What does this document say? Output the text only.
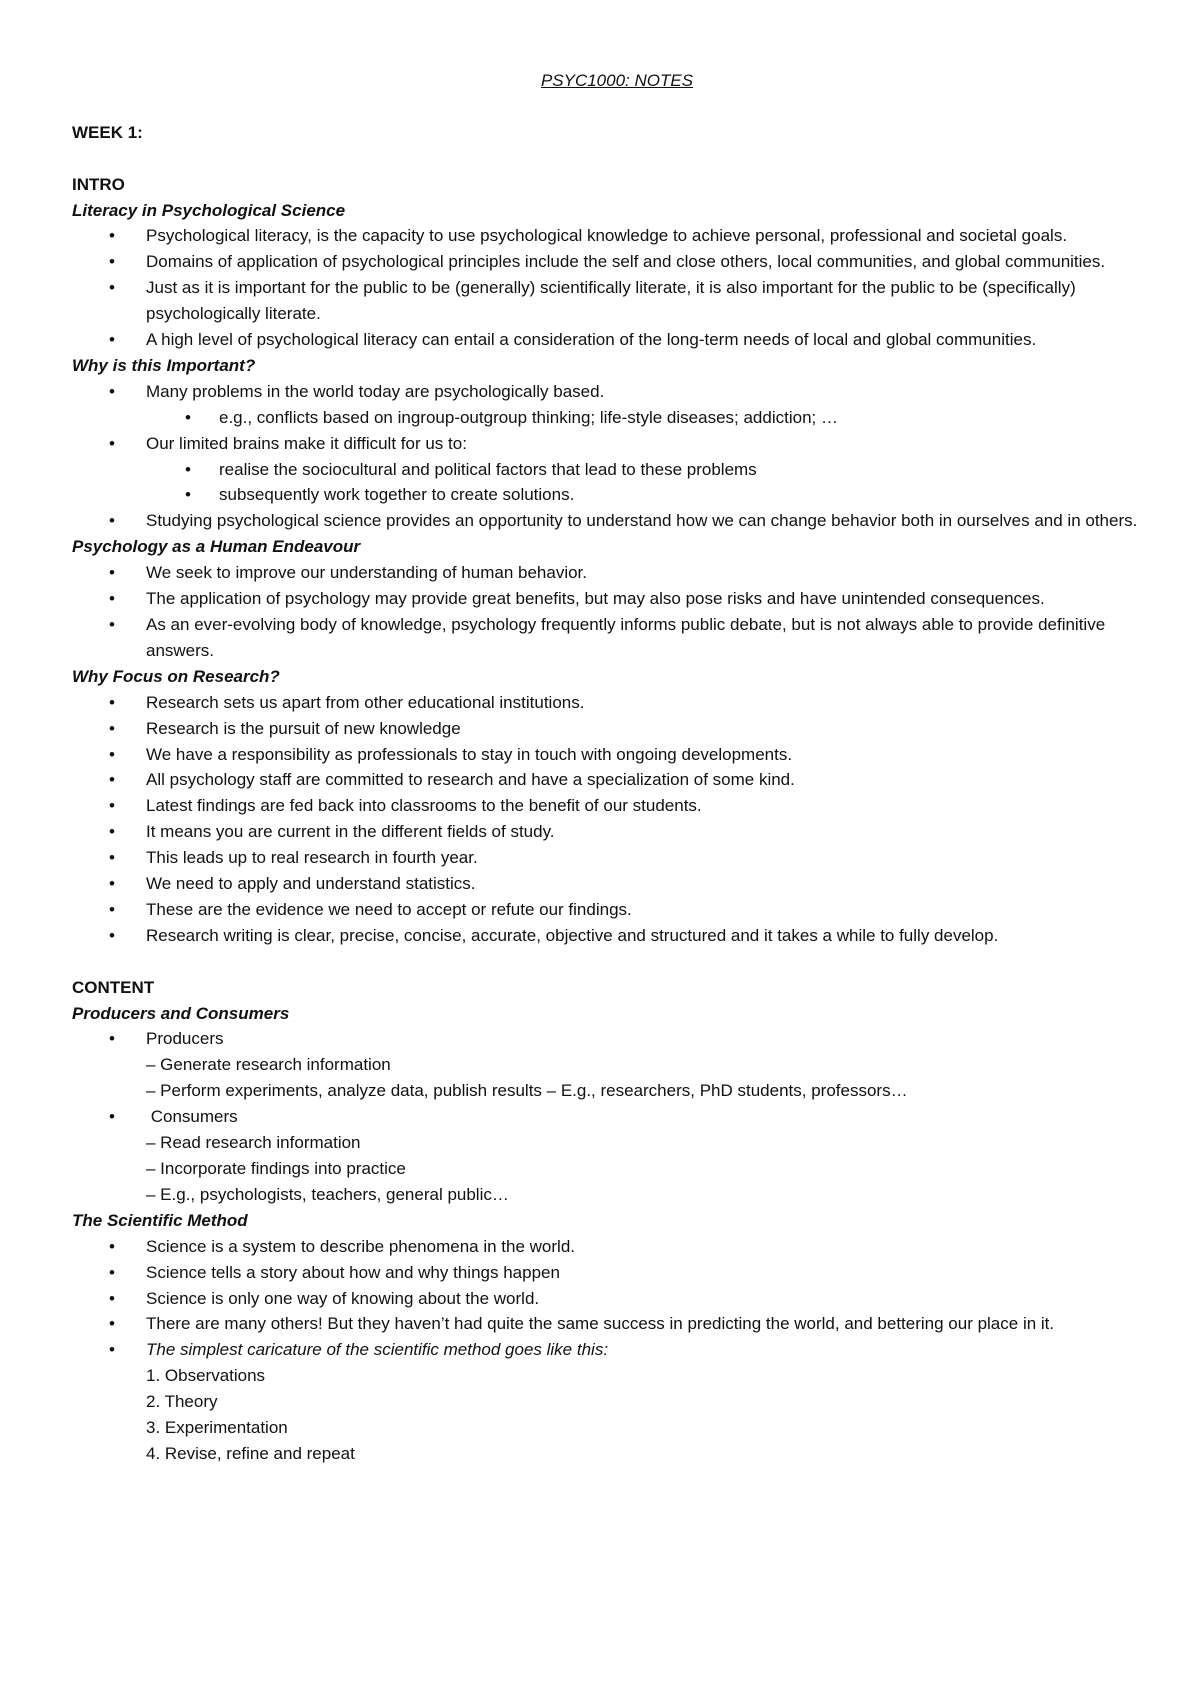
PSYC1000: NOTES
WEEK 1:
INTRO
Literacy in Psychological Science
• Psychological literacy, is the capacity to use psychological knowledge to achieve personal, professional and societal goals.
• Domains of application of psychological principles include the self and close others, local communities, and global communities.
• Just as it is important for the public to be (generally) scientifically literate, it is also important for the public to be (specifically) psychologically literate.
• A high level of psychological literacy can entail a consideration of the long-term needs of local and global communities.
Why is this Important?
• Many problems in the world today are psychologically based.
• e.g., conflicts based on ingroup-outgroup thinking; life-style diseases; addiction; …
• Our limited brains make it difficult for us to:
• realise the sociocultural and political factors that lead to these problems
• subsequently work together to create solutions.
• Studying psychological science provides an opportunity to understand how we can change behavior both in ourselves and in others.
Psychology as a Human Endeavour
• We seek to improve our understanding of human behavior.
• The application of psychology may provide great benefits, but may also pose risks and have unintended consequences.
• As an ever-evolving body of knowledge, psychology frequently informs public debate, but is not always able to provide definitive answers.
Why Focus on Research?
• Research sets us apart from other educational institutions.
• Research is the pursuit of new knowledge
• We have a responsibility as professionals to stay in touch with ongoing developments.
• All psychology staff are committed to research and have a specialization of some kind.
• Latest findings are fed back into classrooms to the benefit of our students.
• It means you are current in the different fields of study.
• This leads up to real research in fourth year.
• We need to apply and understand statistics.
• These are the evidence we need to accept or refute our findings.
• Research writing is clear, precise, concise, accurate, objective and structured and it takes a while to fully develop.
CONTENT
Producers and Consumers
• Producers
– Generate research information
– Perform experiments, analyze data, publish results – E.g., researchers, PhD students, professors…
•  Consumers
– Read research information
– Incorporate findings into practice
– E.g., psychologists, teachers, general public…
The Scientific Method
• Science is a system to describe phenomena in the world.
• Science tells a story about how and why things happen
• Science is only one way of knowing about the world.
• There are many others! But they haven’t had quite the same success in predicting the world, and bettering our place in it.
• The simplest caricature of the scientific method goes like this:
1. Observations
2. Theory
3. Experimentation
4. Revise, refine and repeat
